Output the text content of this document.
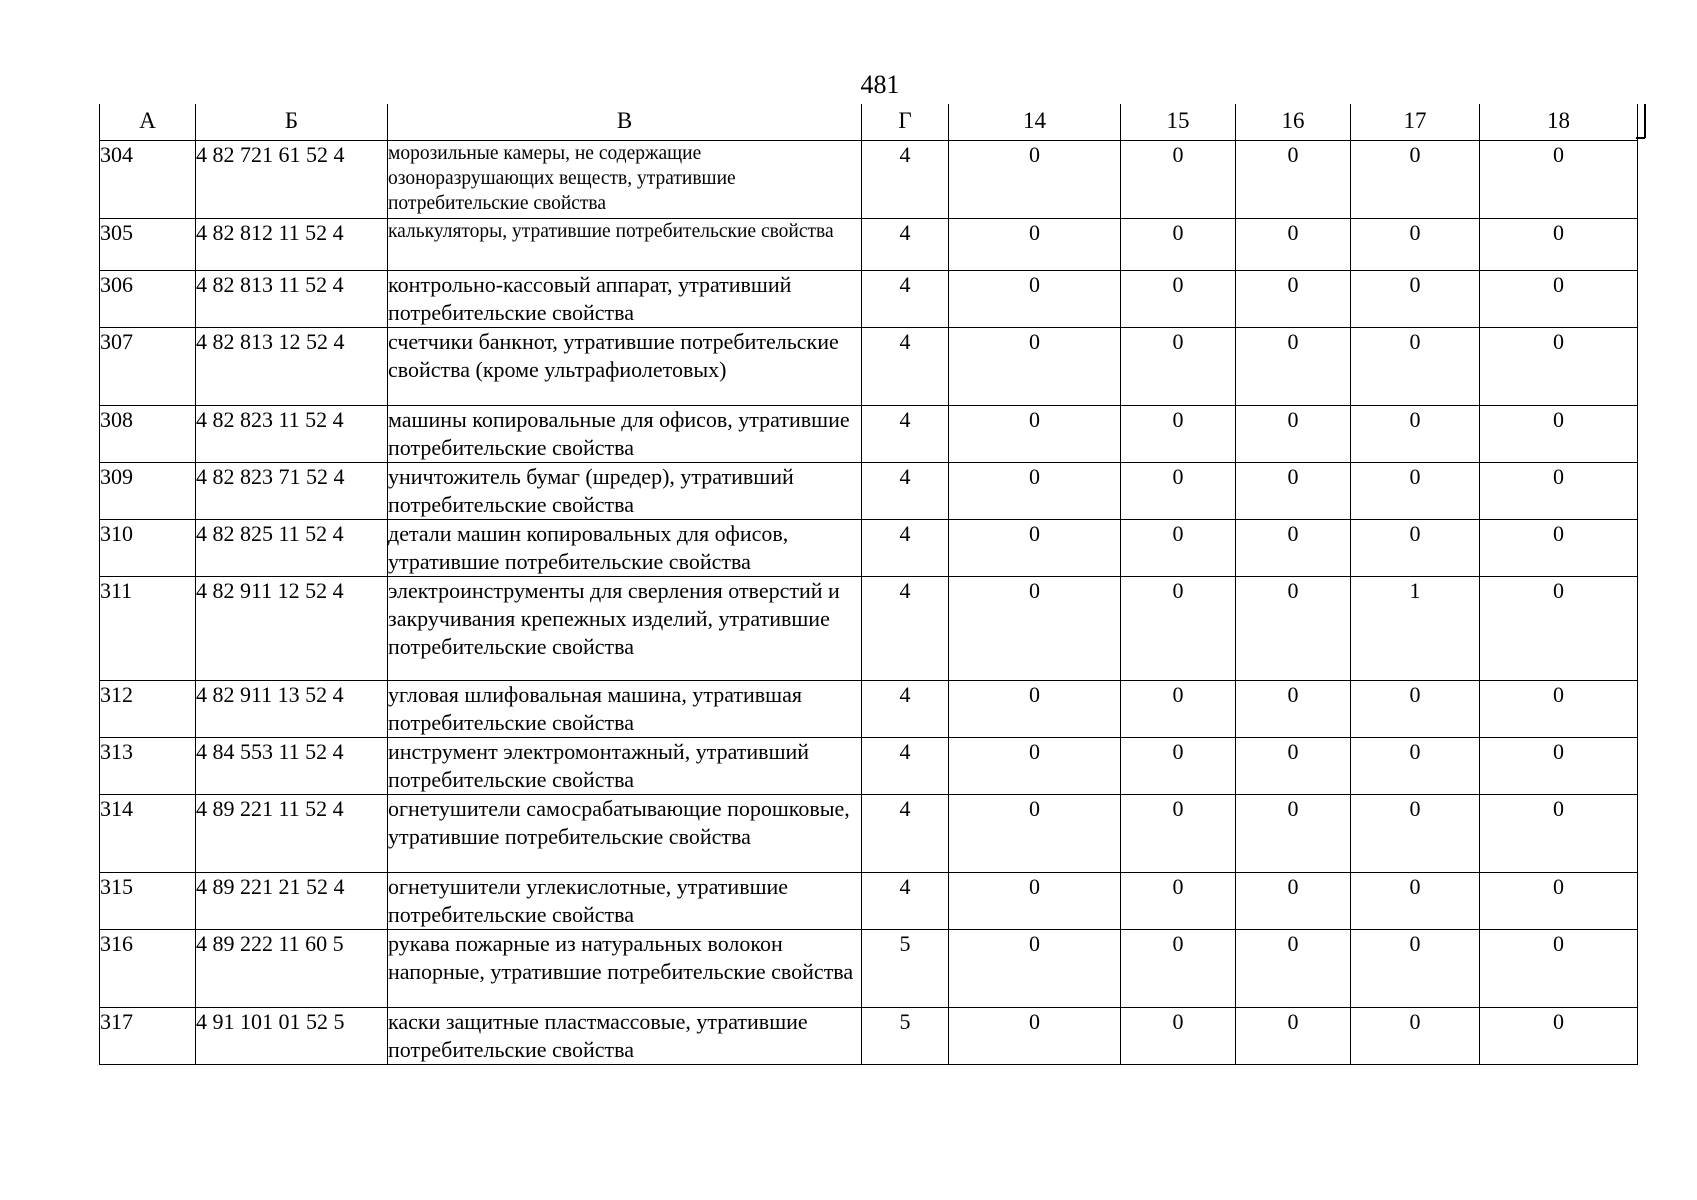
481
А	Б	В	Г	14	15	16	17	18
304	4 82 721 61 52 4	морозильные камеры, не содержащие озоноразрушающих веществ, утратившие потребительские свойства	4	0	0	0	0	0
305	4 82 812 11 52 4	калькуляторы, утратившие потребительские свойства	4	0	0	0	0	0
306	4 82 813 11 52 4	контрольно-кассовый аппарат, утративший потребительские свойства	4	0	0	0	0	0
307	4 82 813 12 52 4	счетчики банкнот, утратившие потребительские свойства (кроме ультрафиолетовых)	4	0	0	0	0	0
308	4 82 823 11 52 4	машины копировальные для офисов, утратившие потребительские свойства	4	0	0	0	0	0
309	4 82 823 71 52 4	уничтожитель бумаг (шредер), утративший потребительские свойства	4	0	0	0	0	0
310	4 82 825 11 52 4	детали машин копировальных для офисов, утратившие потребительские свойства	4	0	0	0	0	0
311	4 82 911 12 52 4	электроинструменты для сверления отверстий и закручивания крепежных изделий, утратившие потребительские свойства	4	0	0	0	1	0
312	4 82 911 13 52 4	угловая шлифовальная машина, утратившая потребительские свойства	4	0	0	0	0	0
313	4 84 553 11 52 4	инструмент электромонтажный, утративший потребительские свойства	4	0	0	0	0	0
314	4 89 221 11 52 4	огнетушители самосрабатывающие порошковые, утратившие потребительские свойства	4	0	0	0	0	0
315	4 89 221 21 52 4	огнетушители углекислотные, утратившие потребительские свойства	4	0	0	0	0	0
316	4 89 222 11 60 5	рукава пожарные из натуральных волокон напорные, утратившие потребительские свойства	5	0	0	0	0	0
317	4 91 101 01 52 5	каски защитные пластмассовые, утратившие потребительские свойства	5	0	0	0	0	0
